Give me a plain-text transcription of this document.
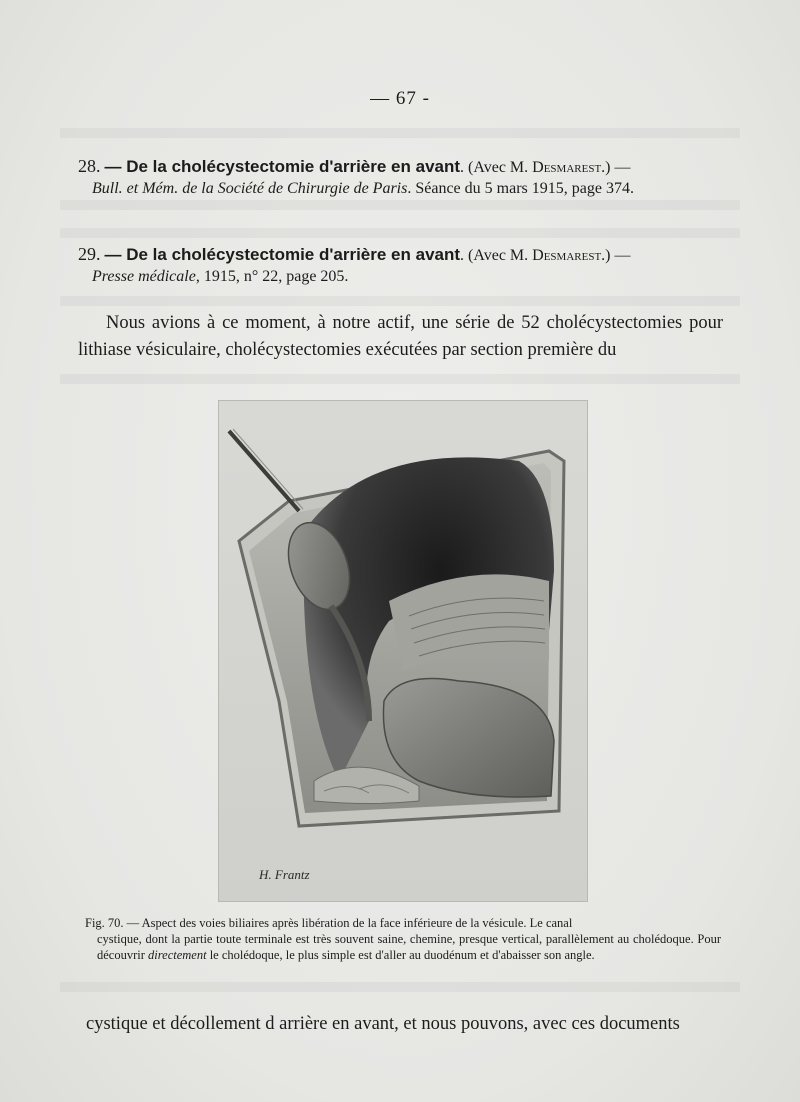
— 67 -
28. — De la cholécystectomie d'arrière en avant. (Avec M. Desmarest.) —
Bull. et Mém. de la Société de Chirurgie de Paris. Séance du 5 mars 1915, page 374.
29. — De la cholécystectomie d'arrière en avant. (Avec M. Desmarest.) —
Presse médicale, 1915, n° 22, page 205.
Nous avions à ce moment, à notre actif, une série de 52 cholécystectomies pour lithiase vésiculaire, cholécystectomies exécutées par section première du
H. Frantz
Fig. 70. — Aspect des voies biliaires après libération de la face inférieure de la vésicule. Le canal
cystique, dont la partie toute terminale est très souvent saine, chemine, presque vertical, parallèlement au cholédoque. Pour découvrir directement le cholédoque, le plus simple est d'aller au duodénum et d'abaisser son angle.
cystique et décollement d arrière en avant, et nous pouvons, avec ces documents
